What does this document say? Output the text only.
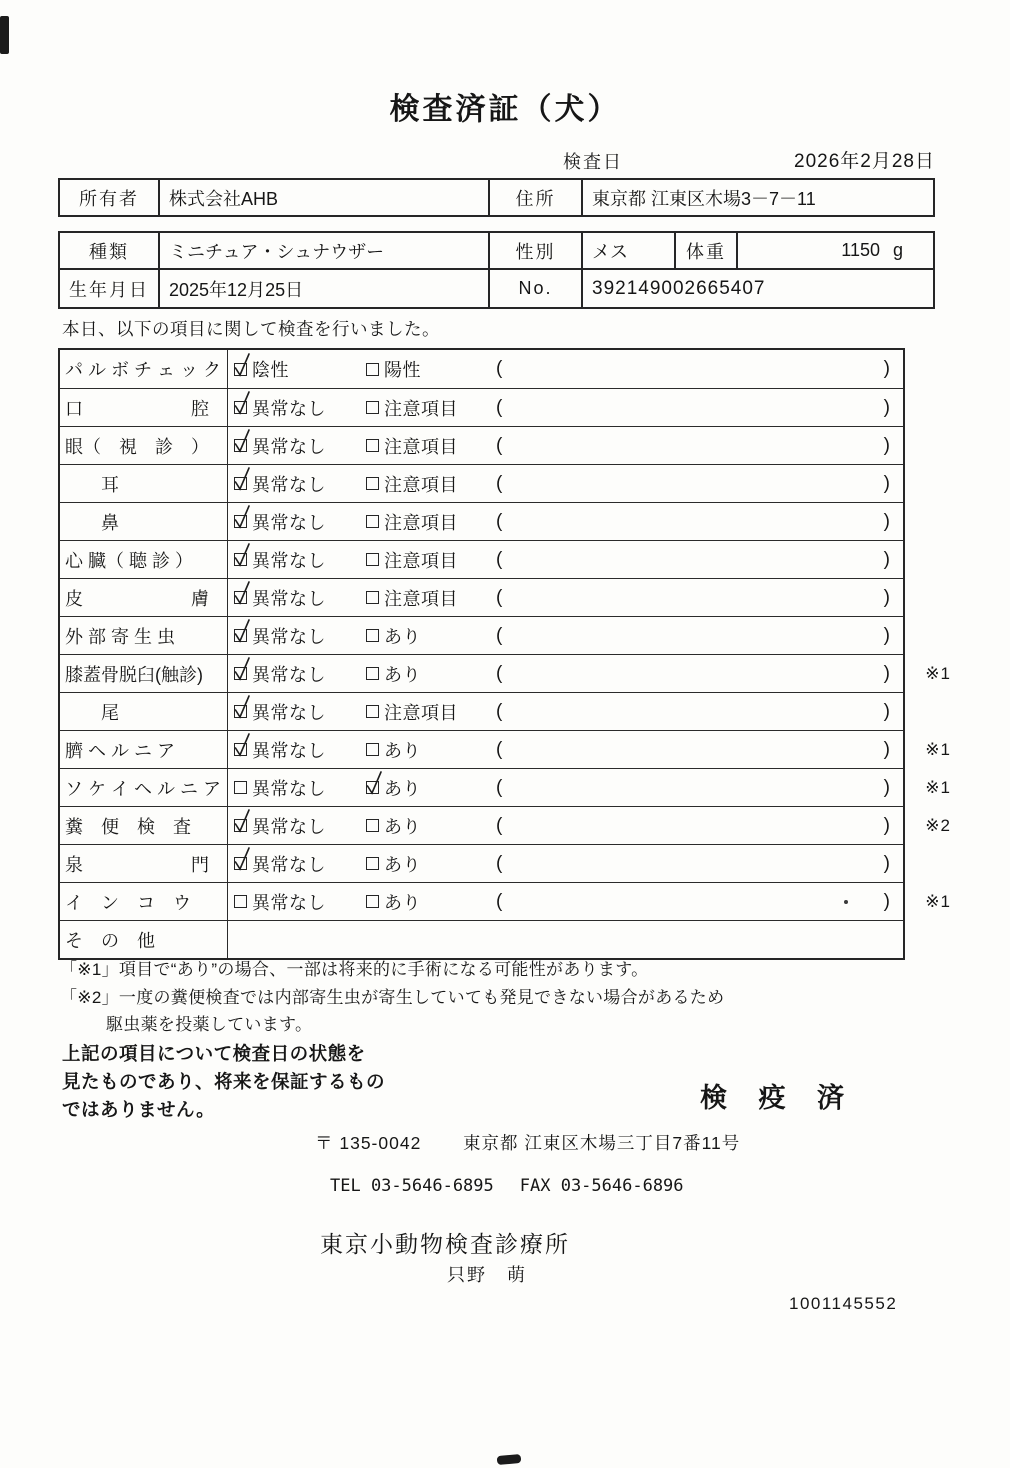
検査済証（犬）
検査日	2026年2月28日
所有者	株式会社AHB	住所	東京都 江東区木場3－7－11
種類	ミニチュア・シュナウザー	性別	メス	体重	1150 g
生年月日	2025年12月25日	No.	392149002665407
本日、以下の項目に関して検査を行いました。
パ ル ボ チ ェ ッ ク	陰性	陽性	(	)
口　　　　　　腔	異常なし	注意項目 (	)
眼（　視　診　）	異常なし	注意項目 (	)
　　耳	異常なし	注意項目 (	)
　　鼻	異常なし	注意項目 (	)
心 臓（ 聴 診 ）	異常なし	注意項目 (	)
皮　　　　　　膚	異常なし	注意項目 (	)
外 部 寄 生 虫	異常なし	あり	(	)
膝蓋骨脱臼(触診)	異常なし	あり	(	) ※1
　　尾	異常なし	注意項目 (	)
臍 ヘ ル ニ ア	異常なし	あり	(	) ※1
ソ ケ イ ヘ ル ニ ア	異常なし	あり	(	) ※1
糞　便　検　査	異常なし	あり	(	) ※2
泉　　　　　　門	異常なし	あり	(	)
イ　ン　コ　ウ	異常なし	あり	(	) ※1
そ　の　他
「※1」項目で“あり”の場合、一部は将来的に手術になる可能性があります。
「※2」一度の糞便検査では内部寄生虫が寄生していても発見できない場合があるため
駆虫薬を投薬しています。
上記の項目について検査日の状態を
見たものであり、将来を保証するもの
ではありません。	検 疫 済
〒 135-0042 東京都 江東区木場三丁目7番11号
TEL 03-5646-6895 FAX 03-5646-6896
東京小動物検査診療所
只野　萌
1001145552
